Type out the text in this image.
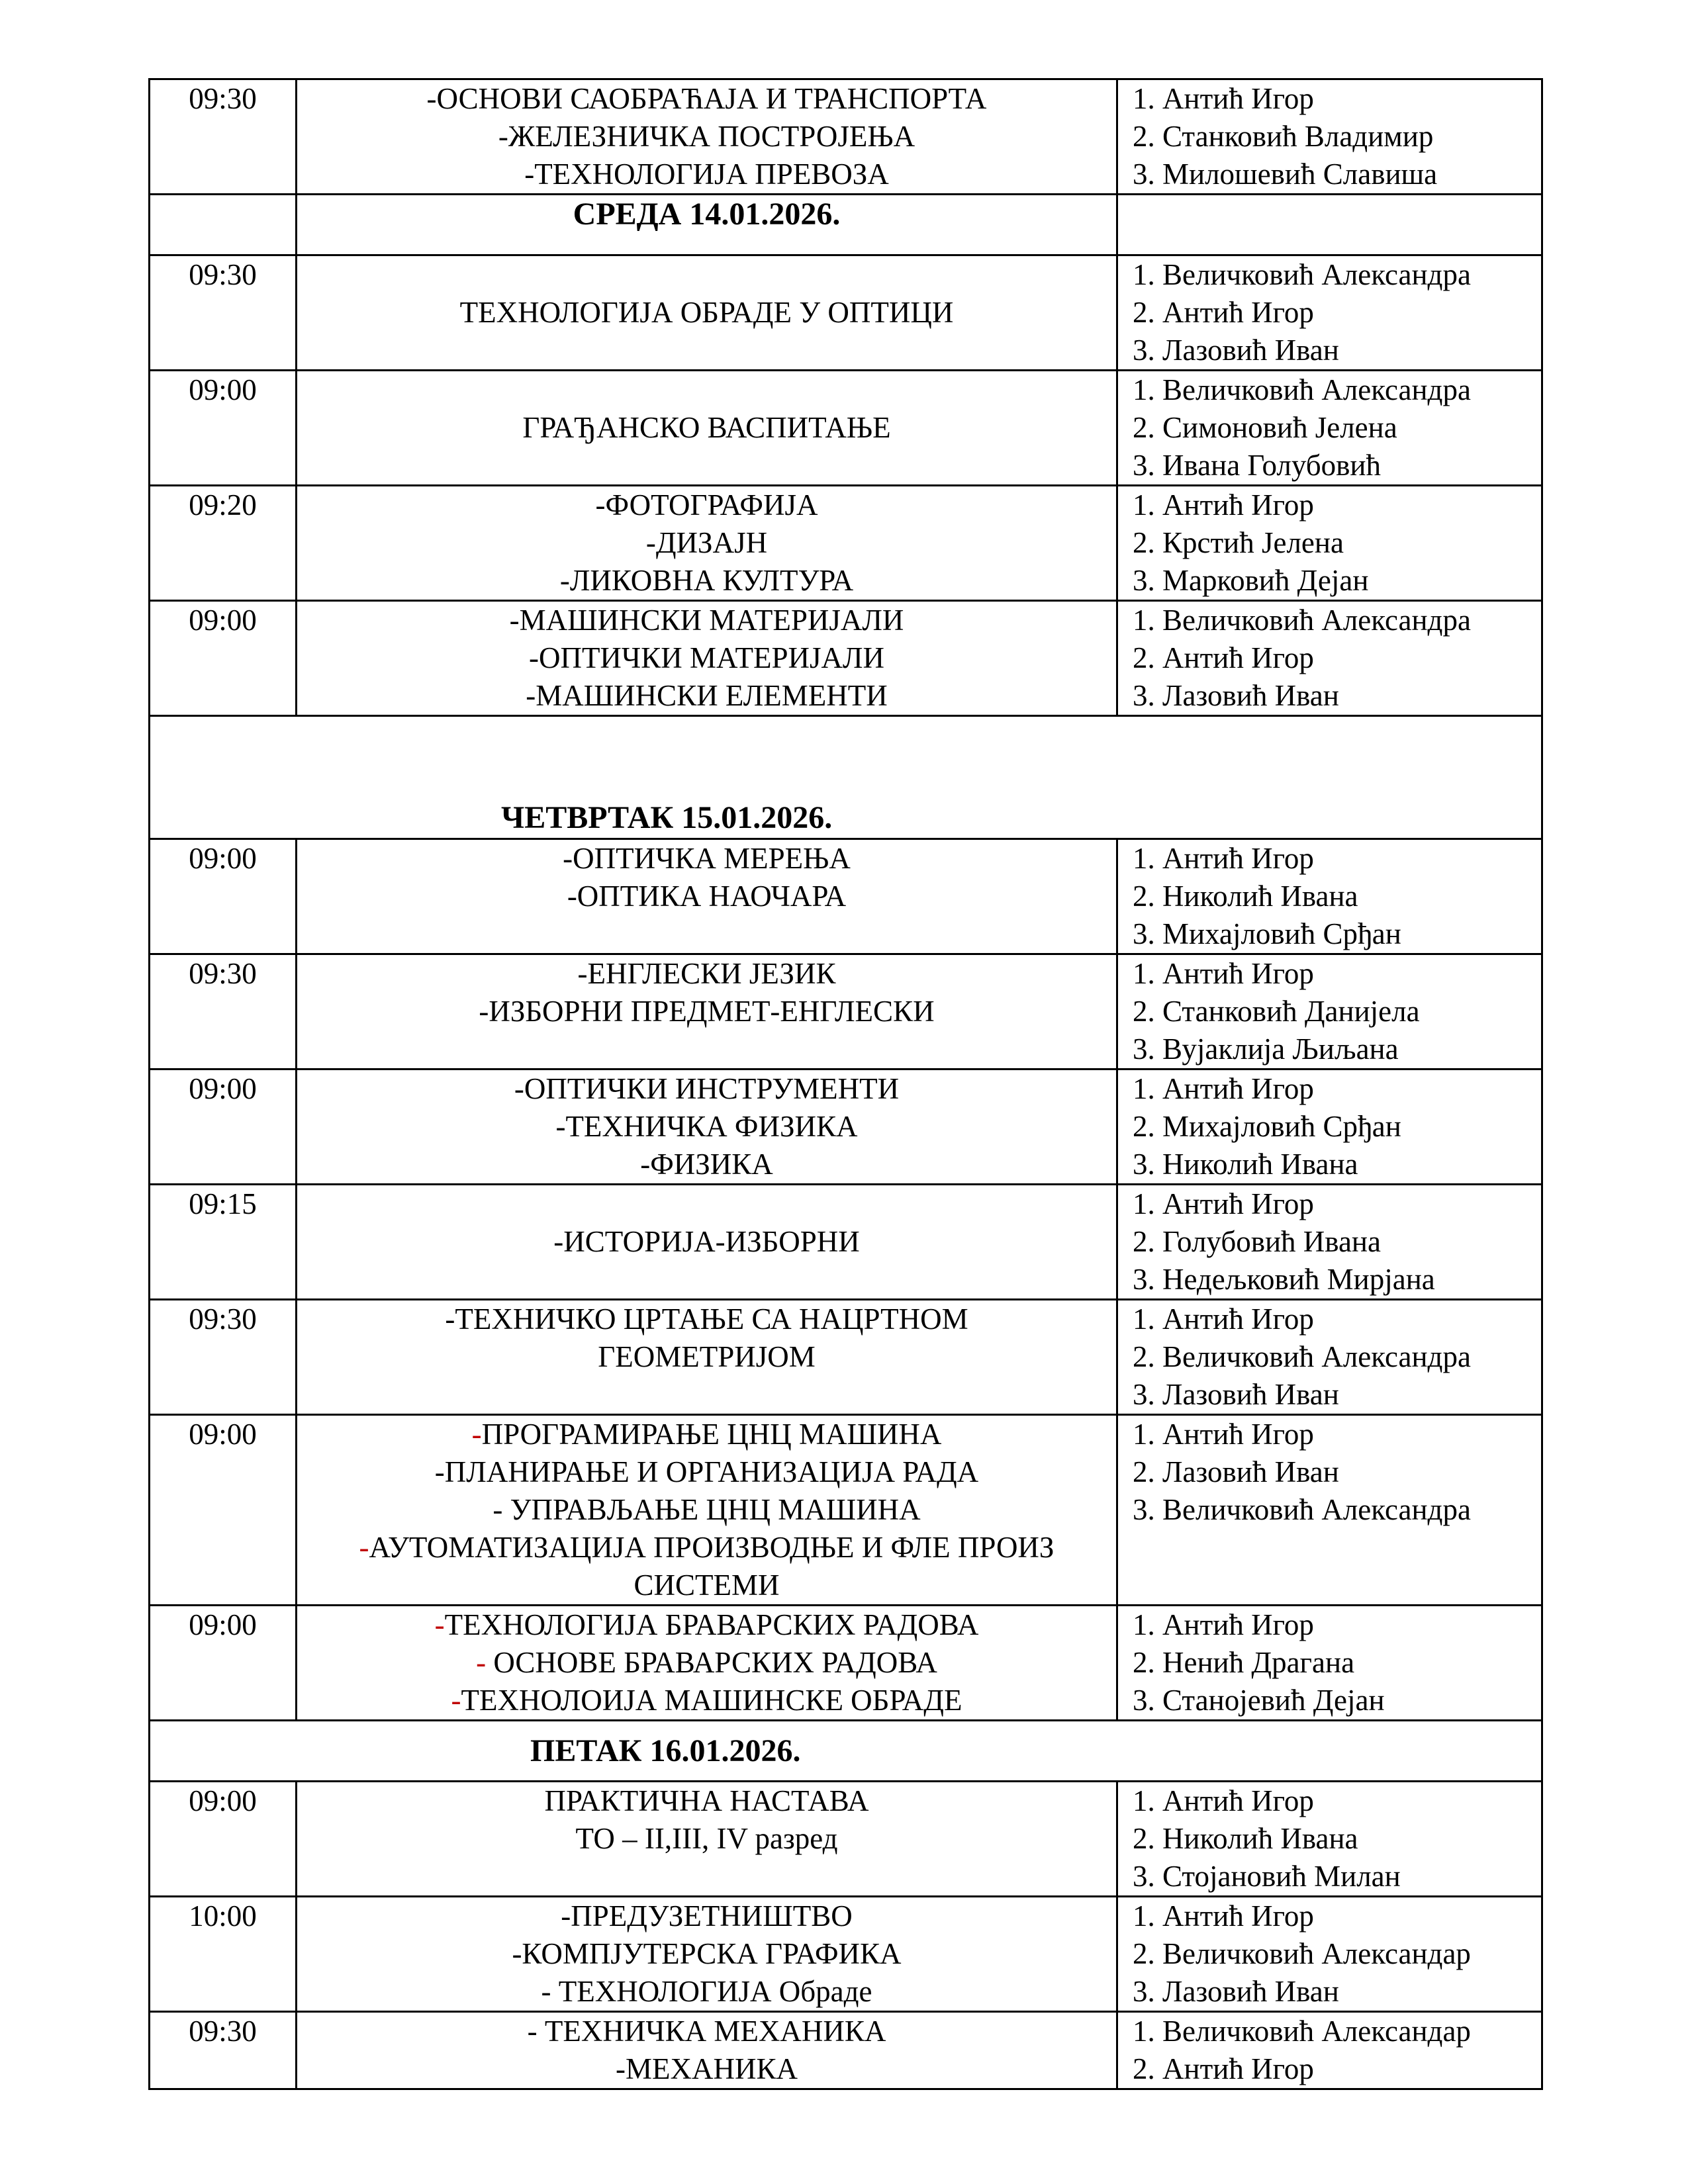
09:30	-ОСНОВИ САОБРАЋАЈА И ТРАНСПОРТА
-ЖЕЛЕЗНИЧКА ПОСТРОЈЕЊА
-ТЕХНОЛОГИЈА ПРЕВОЗА	1. Антић Игор
2. Станковић Владимир
3. Милошевић Славиша

	СРЕДА 14.01.2026.	
09:30	ТЕХНОЛОГИЈА ОБРАДЕ У ОПТИЦИ	1. Величковић Александра
2. Антић Игор
3. Лазовић Иван

09:00	ГРАЂАНСКО ВАСПИТАЊЕ	1. Величковић Александра
2. Симоновић Јелена
3. Ивана Голубовић

09:20	-ФОТОГРАФИЈА
-ДИЗАЈН
-ЛИКОВНА КУЛТУРА	1. Антић Игор
2. Крстић Јелена
3. Марковић Дејан

09:00	-МАШИНСКИ МАТЕРИЈАЛИ
-ОПТИЧКИ МАТЕРИЈАЛИ
-МАШИНСКИ ЕЛЕМЕНТИ	1. Величковић Александра
2. Антић Игор
3. Лазовић Иван

ЧЕТВРТАК 15.01.2026.		

09:00	-ОПТИЧКА МЕРЕЊА
-ОПТИКА НАОЧАРА	1. Антић Игор
2. Николић Ивана
3. Михајловић Срђан

09:30	-ЕНГЛЕСКИ ЈЕЗИК
-ИЗБОРНИ ПРЕДМЕТ-ЕНГЛЕСКИ	1. Антић Игор
2. Станковић Данијела
3. Вујаклија Љиљана

09:00	-ОПТИЧКИ ИНСТРУМЕНТИ
-ТЕХНИЧКА ФИЗИКА
-ФИЗИКА	1. Антић Игор
2. Михајловић Срђан
3. Николић Ивана

09:15	-ИСТОРИЈА-ИЗБОРНИ	1. Антић Игор
2. Голубовић Ивана
3. Недељковић Мирјана

09:30	-ТЕХНИЧКО ЦРТАЊЕ СА НАЦРТНОМ
ГЕОМЕТРИЈОМ	1. Антић Игор
2. Величковић Александра
3. Лазовић Иван

09:00	-ПРОГРАМИРАЊЕ ЦНЦ МАШИНА
-ПЛАНИРАЊЕ И ОРГАНИЗАЦИЈА РАДА
- УПРАВЉАЊЕ ЦНЦ МАШИНА
-АУТОМАТИЗАЦИЈА ПРОИЗВОДЊЕ И ФЛЕ ПРОИЗ
СИСТЕМИ	1. Антић Игор
2. Лазовић Иван
3. Величковић Александра

09:00	-ТЕХНОЛОГИЈА БРАВАРСКИХ РАДОВА
- ОСНОВЕ БРАВАРСКИХ РАДОВА
-ТЕХНОЛОИЈА МАШИНСКЕ ОБРАДЕ	1. Антић Игор
2. Ненић Драгана
3. Станојевић Дејан

ПЕТАК 16.01.2026.		

09:00	ПРАКТИЧНА НАСТАВА
ТО – II,III, IV разред	1. Антић Игор
2. Николић Ивана
3. Стојановић Милан

10:00	-ПРЕДУЗЕТНИШТВО
-КОМПЈУТЕРСКА ГРАФИКА
- ТЕХНОЛОГИЈА Обраде	1. Антић Игор
2. Величковић Александар
3. Лазовић Иван

09:30	- ТЕХНИЧКА МЕХАНИКА
-МЕХАНИКА	1. Величковић Александар
2. Антић Игор
